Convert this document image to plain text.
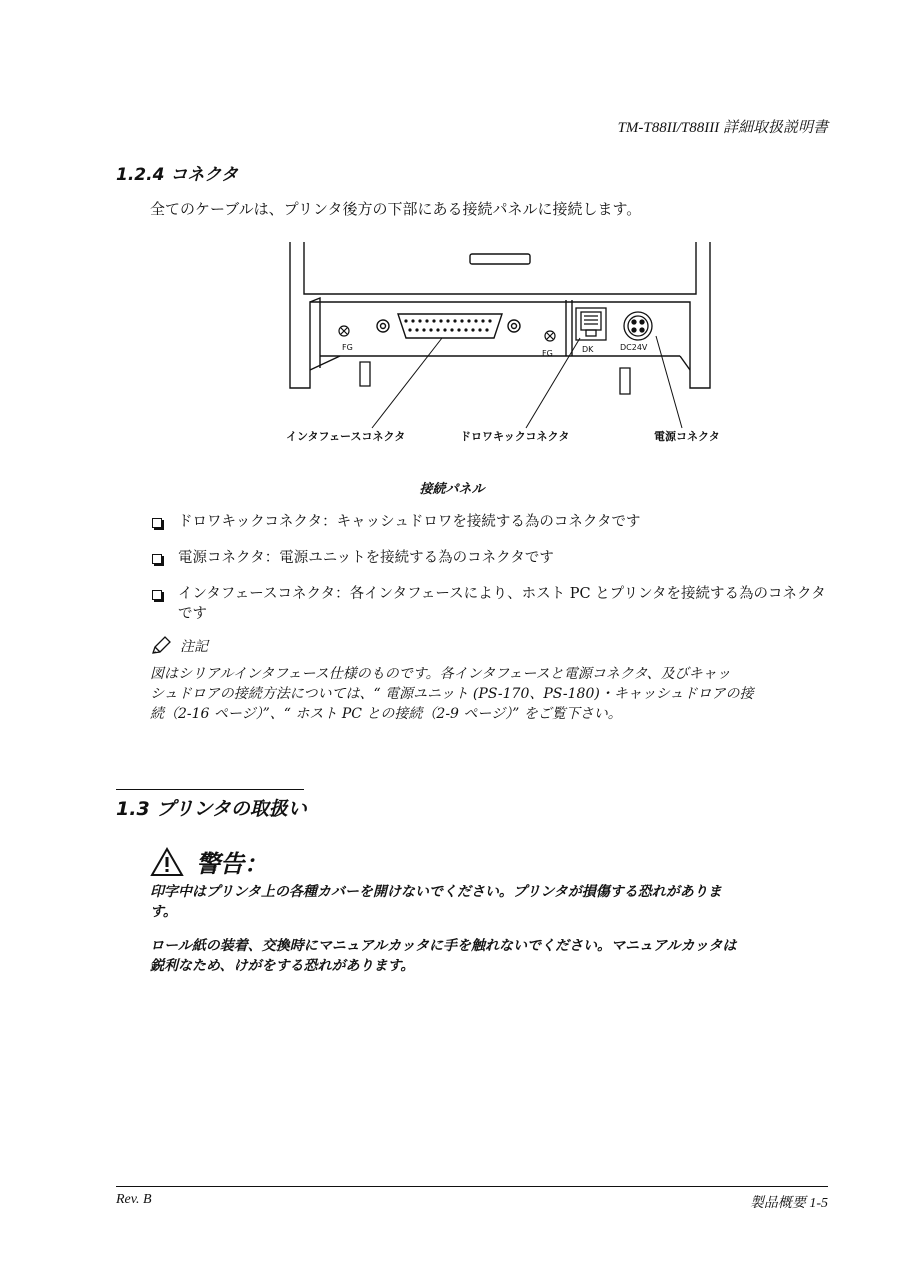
TM-T88II/T88III 詳細取扱説明書
1.2.4 コネクタ
全てのケーブルは、プリンタ後方の下部にある接続パネルに接続します。
FG
FG	DK	DC24V
インタフェースコネクタ	ドロワキックコネクタ	電源コネクタ
接続パネル
ドロワキックコネクタ：キャッシュドロワを接続する為のコネクタです
電源コネクタ：電源ユニットを接続する為のコネクタです
インタフェースコネクタ：各インタフェースにより、ホスト PC とプリンタを接続する為のコネクタです
注記
図はシリアルインタフェース仕様のものです。各インタフェースと電源コネクタ、及びキャッ
シュドロアの接続方法については、“ 電源ユニット (PS-170、PS-180)・キャッシュドロアの接
続（2-16 ページ）”、“ ホスト PC との接続（2-9 ページ）” をご覧下さい。
1.3 プリンタの取扱い
警告：
印字中はプリンタ上の各種カバーを開けないでください。プリンタが損傷する恐れがありま
す。
ロール紙の装着、交換時にマニュアルカッタに手を触れないでください。マニュアルカッタは
鋭利なため、けがをする恐れがあります。
Rev. B	製品概要 1-5
